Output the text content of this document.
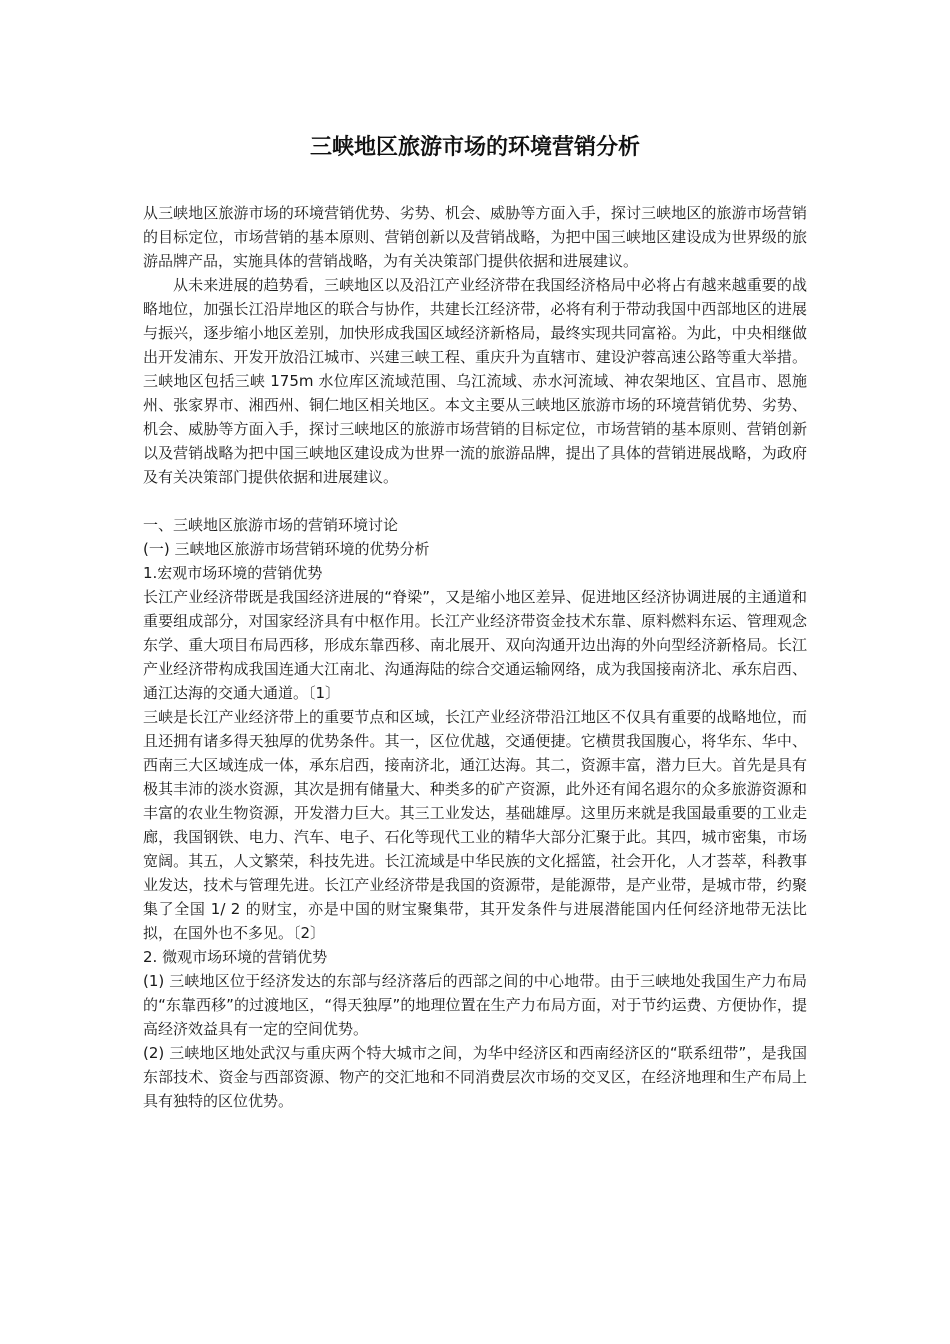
三峡地区旅游市场的环境营销分析

从三峡地区旅游市场的环境营销优势、劣势、机会、威胁等方面入手，探讨三峡地区的旅游市场营销的目标定位，市场营销的基本原则、营销创新以及营销战略，为把中国三峡地区建设成为世界级的旅游品牌产品，实施具体的营销战略，为有关决策部门提供依据和进展建议。

从未来进展的趋势看，三峡地区以及沿江产业经济带在我国经济格局中必将占有越来越重要的战略地位，加强长江沿岸地区的联合与协作，共建长江经济带，必将有利于带动我国中西部地区的进展与振兴，逐步缩小地区差别，加快形成我国区域经济新格局，最终实现共同富裕。为此，中央相继做出开发浦东、开发开放沿江城市、兴建三峡工程、重庆升为直辖市、建设沪蓉高速公路等重大举措。三峡地区包括三峡 175m 水位库区流域范围、乌江流域、赤水河流域、神农架地区、宜昌市、恩施州、张家界市、湘西州、铜仁地区相关地区。本文主要从三峡地区旅游市场的环境营销优势、劣势、机会、威胁等方面入手，探讨三峡地区的旅游市场营销的目标定位，市场营销的基本原则、营销创新以及营销战略为把中国三峡地区建设成为世界一流的旅游品牌，提出了具体的营销进展战略，为政府及有关决策部门提供依据和进展建议。

一、三峡地区旅游市场的营销环境讨论

(一) 三峡地区旅游市场营销环境的优势分析

1.宏观市场环境的营销优势

长江产业经济带既是我国经济进展的“脊梁”，又是缩小地区差异、促进地区经济协调进展的主通道和重要组成部分，对国家经济具有中枢作用。长江产业经济带资金技术东靠、原料燃料东运、管理观念东学、重大项目布局西移，形成东靠西移、南北展开、双向沟通开边出海的外向型经济新格局。长江产业经济带构成我国连通大江南北、沟通海陆的综合交通运输网络，成为我国接南济北、承东启西、通江达海的交通大通道。〔1〕

三峡是长江产业经济带上的重要节点和区域，长江产业经济带沿江地区不仅具有重要的战略地位，而且还拥有诸多得天独厚的优势条件。其一，区位优越，交通便捷。它横贯我国腹心，将华东、华中、西南三大区域连成一体，承东启西，接南济北，通江达海。其二，资源丰富，潜力巨大。首先是具有极其丰沛的淡水资源，其次是拥有储量大、种类多的矿产资源，此外还有闻名遐尔的众多旅游资源和丰富的农业生物资源，开发潜力巨大。其三工业发达，基础雄厚。这里历来就是我国最重要的工业走廊，我国钢铁、电力、汽车、电子、石化等现代工业的精华大部分汇聚于此。其四，城市密集，市场宽阔。其五，人文繁荣，科技先进。长江流域是中华民族的文化摇篮，社会开化，人才荟萃，科教事业发达，技术与管理先进。长江产业经济带是我国的资源带，是能源带，是产业带，是城市带，约聚集了全国 1/ 2 的财宝，亦是中国的财宝聚集带，其开发条件与进展潜能国内任何经济地带无法比拟，在国外也不多见。〔2〕

2. 微观市场环境的营销优势

(1) 三峡地区位于经济发达的东部与经济落后的西部之间的中心地带。由于三峡地处我国生产力布局的“东靠西移”的过渡地区，“得天独厚”的地理位置在生产力布局方面，对于节约运费、方便协作，提高经济效益具有一定的空间优势。

(2) 三峡地区地处武汉与重庆两个特大城市之间，为华中经济区和西南经济区的“联系纽带”，是我国东部技术、资金与西部资源、物产的交汇地和不同消费层次市场的交叉区，在经济地理和生产布局上具有独特的区位优势。
